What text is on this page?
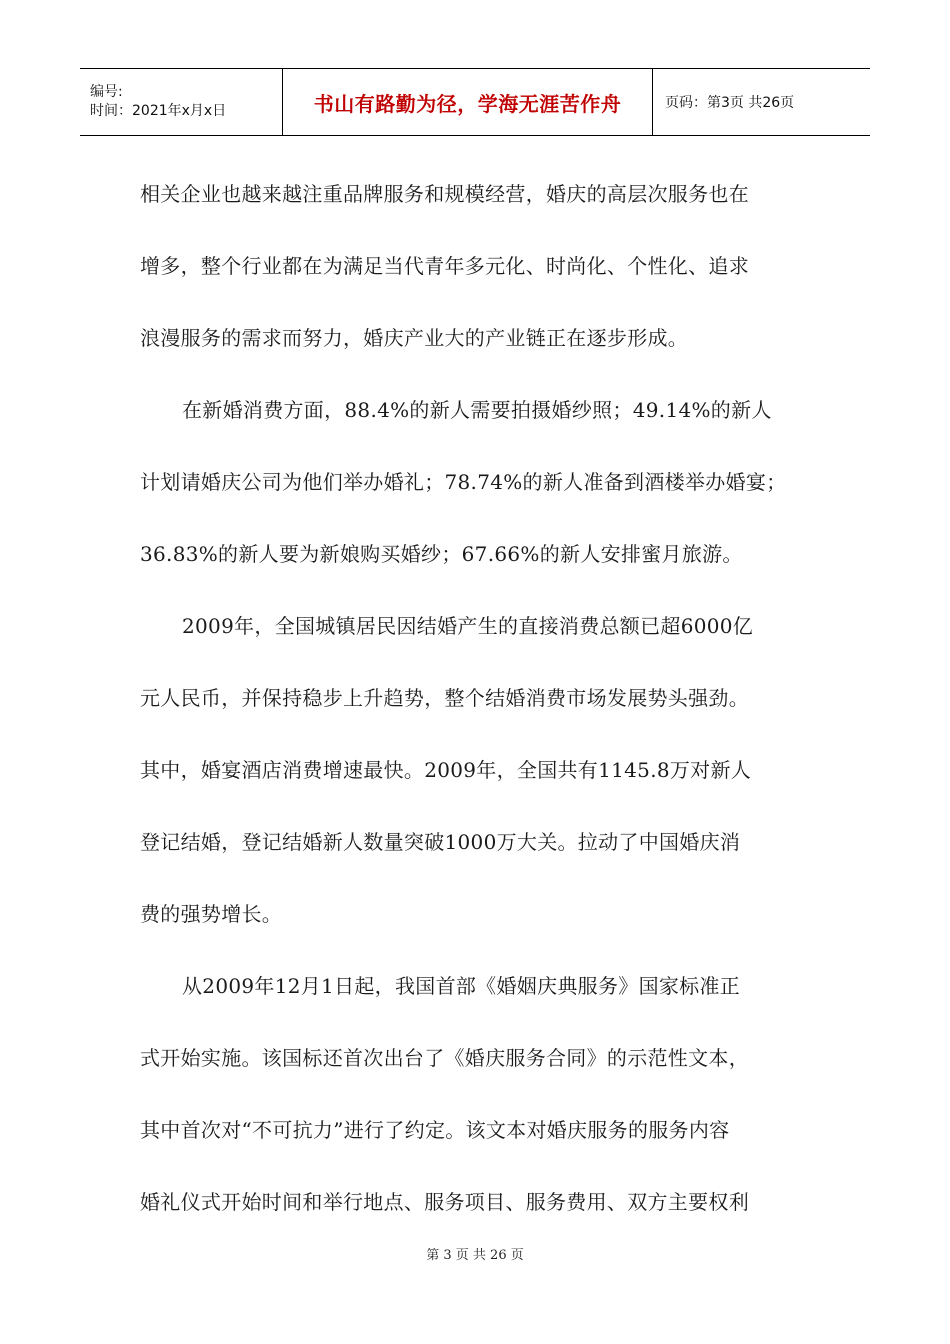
编号:
时间：2021年x月x日	书山有路勤为径，学海无涯苦作舟	页码：第3页 共26页
相关企业也越来越注重品牌服务和规模经营，婚庆的高层次服务也在
增多，整个行业都在为满足当代青年多元化、时尚化、个性化、追求
浪漫服务的需求而努力，婚庆产业大的产业链正在逐步形成。
在新婚消费方面，88.4%的新人需要拍摄婚纱照；49.14%的新人
计划请婚庆公司为他们举办婚礼；78.74%的新人准备到酒楼举办婚宴；
36.83%的新人要为新娘购买婚纱；67.66%的新人安排蜜月旅游。
2009年，全国城镇居民因结婚产生的直接消费总额已超6000亿
元人民币，并保持稳步上升趋势，整个结婚消费市场发展势头强劲。
其中，婚宴酒店消费增速最快。2009年，全国共有1145.8万对新人
登记结婚，登记结婚新人数量突破1000万大关。拉动了中国婚庆消
费的强势增长。
从2009年12月1日起，我国首部《婚姻庆典服务》国家标准正
式开始实施。该国标还首次出台了《婚庆服务合同》的示范性文本，
其中首次对“不可抗力”进行了约定。该文本对婚庆服务的服务内容
婚礼仪式开始时间和举行地点、服务项目、服务费用、双方主要权利
第 3 页 共 26 页
